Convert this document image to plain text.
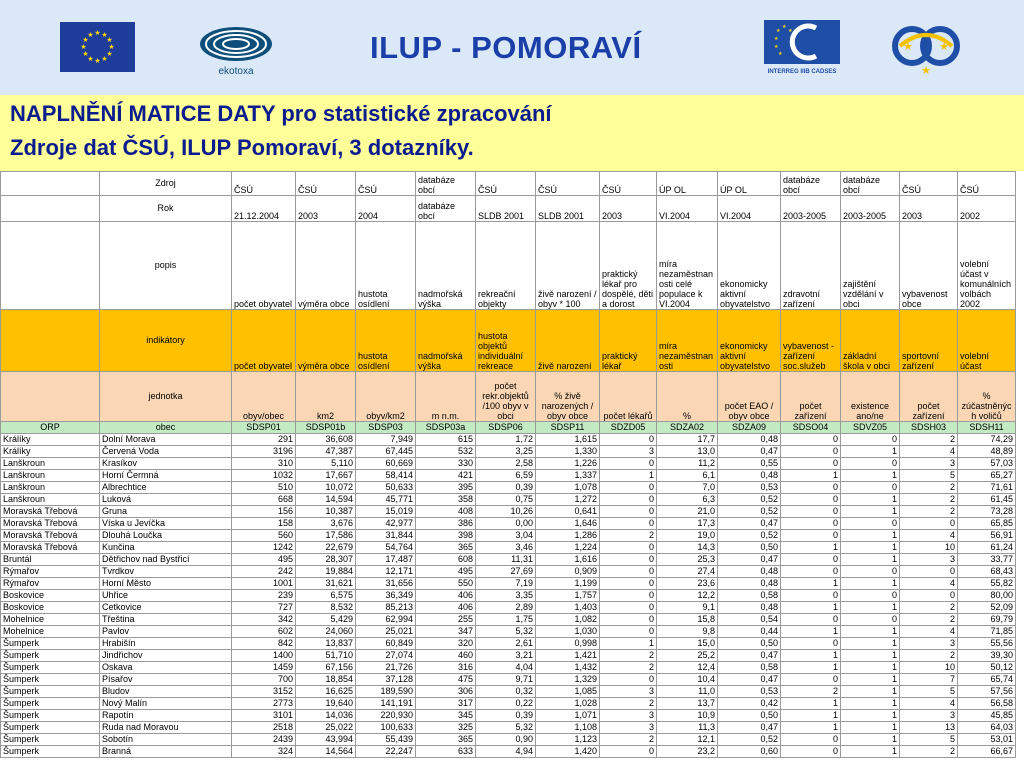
★ ★
★
★
★
★
★
★
★
★
★
★
ekotoxa
ILUP - POMORAVÍ	★
★
★
★
★
★
INTERREG IIIB CADSES
★ ★
★
NAPLNĚNÍ MATICE DATY pro statistické zpracování
Zdroje dat ČSÚ, ILUP Pomoraví, 3 dotazníky.
	Zdroj	ČSÚ	ČSÚ	ČSÚ	databáze obcí	ČSÚ	ČSÚ	ČSÚ	ÚP OL	ÚP OL	databáze obcí	databáze obcí	ČSÚ	ČSÚ
	Rok	21.12.2004	2003	2004	databáze obcí	SLDB 2001	SLDB 2001	2003	VI.2004	VI.2004	2003-2005	2003-2005	2003	2002
	popis	počet obyvatel	výměra obce	hustota osídlení	nadmořská výška	rekreační objekty	živě narození / obyv * 100	praktický lékař pro dospělé, děti a dorost	míra nezaměstnanosti celé populace k VI.2004	ekonomicky aktivní obyvatelstvo	zdravotní zařízení	zajištění vzdělání v obci	vybavenost obce	volební účast v komunálních volbách 2002
	indikátory	počet obyvatel	výměra obce	hustota osídlení	nadmořská výška	hustota objektů individuální rekreace	živě narození	praktický lékař	míra nezaměstnanosti	ekonomicky aktivní obyvatelstvo	vybavenost - zařízení soc.služeb	základní škola v obci	sportovní zařízení	volební účast
	jednotka	obyv/obec	km2	obyv/km2	m n.m.	počet rekr.objektů /100 obyv v obci	% živě narozených / obyv obce	počet lékařů	%	počet EAO / obyv obce	počet zařízení	existence ano/ne	počet zařízení	% zúčastněných voličů
ORP	obec	SDSP01	SDSP01b	SDSP03	SDSP03a	SDSP06	SDSP11	SDZD05	SDZA02	SDZA09	SDSO04	SDVZ05	SDSH03	SDSH11
Králíky	Dolní Morava	291	36,608	7,949	615	1,72	1,615	0	17,7	0,48	0	0	2	74,29
Králíky	Červená Voda	3196	47,387	67,445	532	3,25	1,330	3	13,0	0,47	0	1	4	48,89
Lanškroun	Krasíkov	310	5,110	60,669	330	2,58	1,226	0	11,2	0,55	0	0	3	57,03
Lanškroun	Horní Čermná	1032	17,667	58,414	421	6,59	1,337	1	6,1	0,48	1	1	5	65,27
Lanškroun	Albrechtice	510	10,072	50,633	395	0,39	1,078	0	7,0	0,53	0	0	2	71,61
Lanškroun	Luková	668	14,594	45,771	358	0,75	1,272	0	6,3	0,52	0	1	2	61,45
Moravská Třebová	Gruna	156	10,387	15,019	408	10,26	0,641	0	21,0	0,52	0	1	2	73,28
Moravská Třebová	Víska u Jevíčka	158	3,676	42,977	386	0,00	1,646	0	17,3	0,47	0	0	0	65,85
Moravská Třebová	Dlouhá Loučka	560	17,586	31,844	398	3,04	1,286	2	19,0	0,52	0	1	4	56,91
Moravská Třebová	Kunčina	1242	22,679	54,764	365	3,46	1,224	0	14,3	0,50	1	1	10	61,24
Bruntál	Dětřichov nad Bystřicí	495	28,307	17,487	608	11,31	1,616	0	25,3	0,47	0	1	3	33,77
Rýmařov	Tvrdkov	242	19,884	12,171	495	27,69	0,909	0	27,4	0,48	0	0	0	68,43
Rýmařov	Horní Město	1001	31,621	31,656	550	7,19	1,199	0	23,6	0,48	1	1	4	55,82
Boskovice	Uhřice	239	6,575	36,349	406	3,35	1,757	0	12,2	0,58	0	0	0	80,00
Boskovice	Cetkovice	727	8,532	85,213	406	2,89	1,403	0	9,1	0,48	1	1	2	52,09
Mohelnice	Třeština	342	5,429	62,994	255	1,75	1,082	0	15,8	0,54	0	0	2	69,79
Mohelnice	Pavlov	602	24,060	25,021	347	5,32	1,030	0	9,8	0,44	1	1	4	71,85
Šumperk	Hrabišín	842	13,837	60,849	320	2,61	0,998	1	15,0	0,50	0	1	3	55,56
Šumperk	Jindřichov	1400	51,710	27,074	460	3,21	1,421	2	25,2	0,47	1	1	2	39,30
Šumperk	Oskava	1459	67,156	21,726	316	4,04	1,432	2	12,4	0,58	1	1	10	50,12
Šumperk	Písařov	700	18,854	37,128	475	9,71	1,329	0	10,4	0,47	0	1	7	65,74
Šumperk	Bludov	3152	16,625	189,590	306	0,32	1,085	3	11,0	0,53	2	1	5	57,56
Šumperk	Nový Malín	2773	19,640	141,191	317	0,22	1,028	2	13,7	0,42	1	1	4	56,58
Šumperk	Rapotín	3101	14,036	220,930	345	0,39	1,071	3	10,9	0,50	1	1	3	45,85
Šumperk	Ruda nad Moravou	2518	25,022	100,633	325	5,32	1,108	3	11,3	0,47	1	1	13	64,03
Šumperk	Sobotín	2439	43,994	55,439	365	0,90	1,123	2	12,1	0,52	0	1	5	53,01
Šumperk	Branná	324	14,564	22,247	633	4,94	1,420	0	23,2	0,60	0	1	2	66,67
